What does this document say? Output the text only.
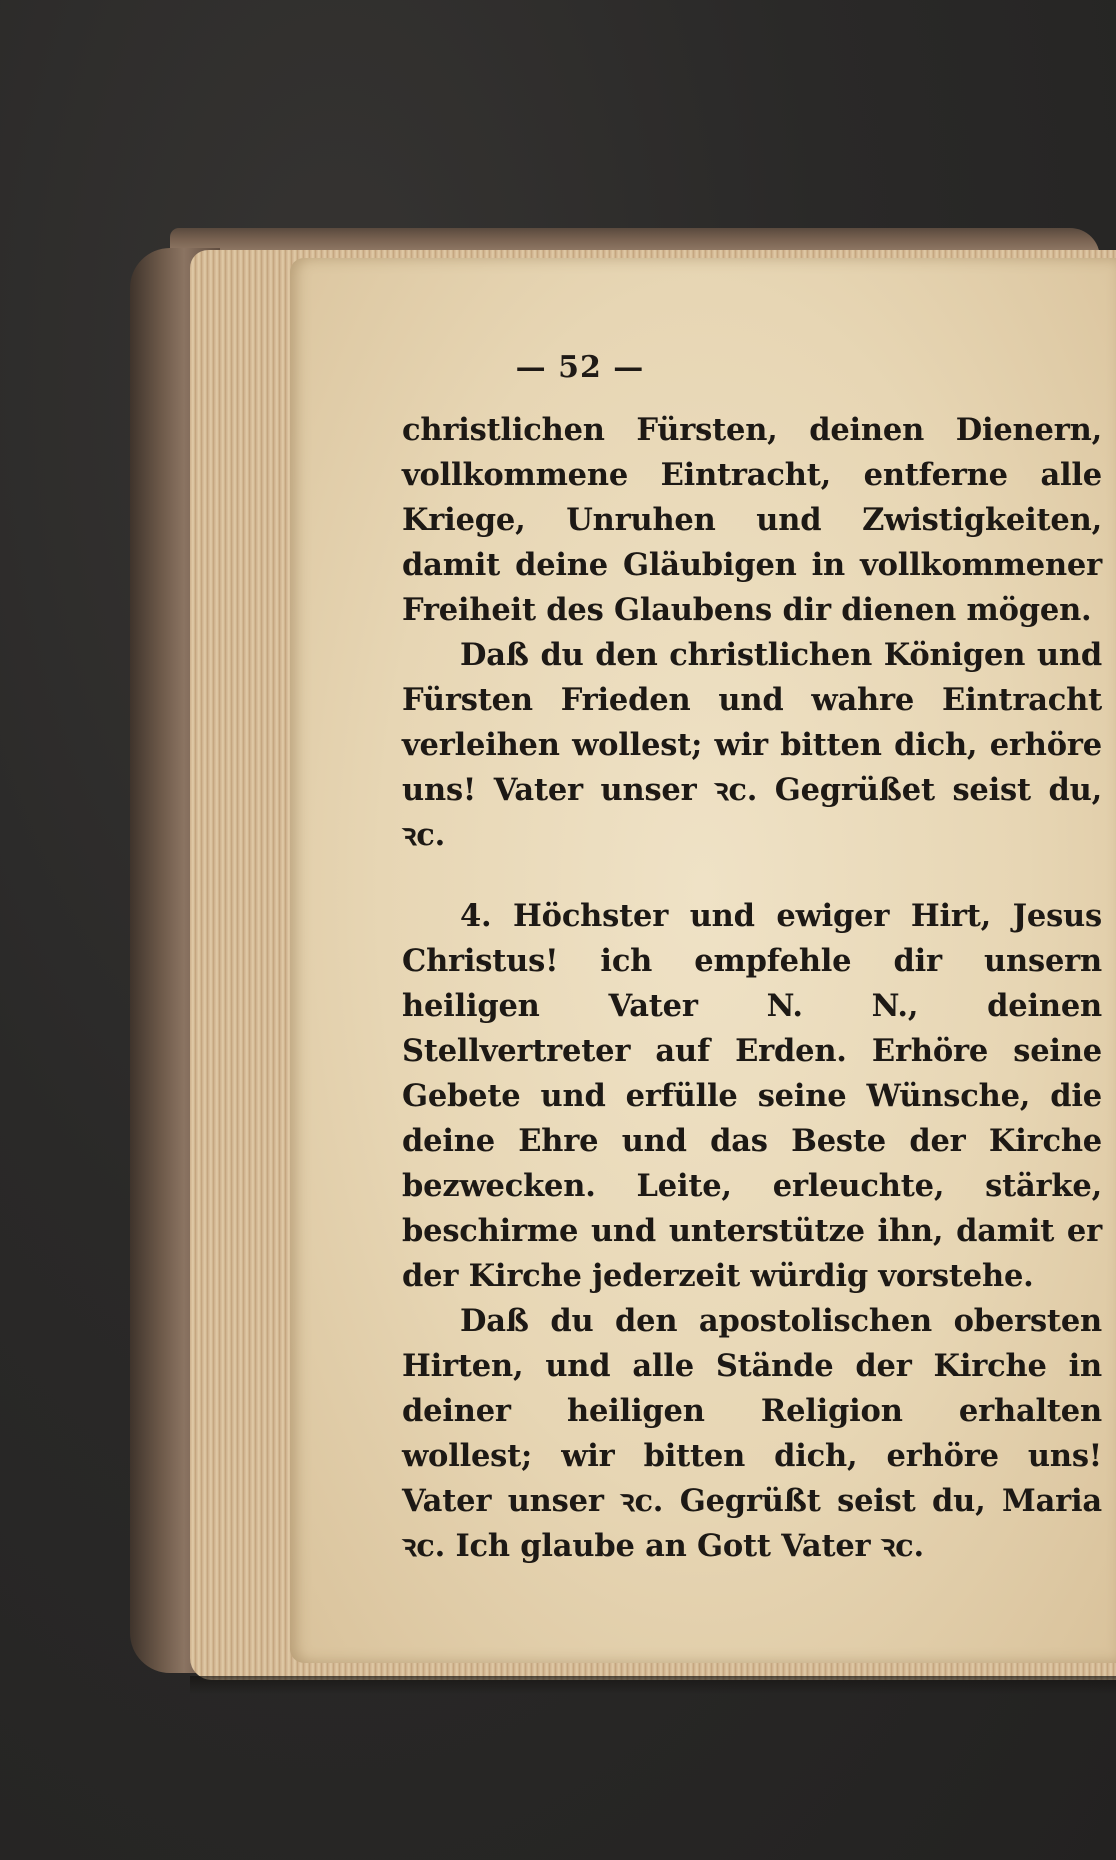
— 52 —

christlichen Fürsten, deinen Dienern, vollkommene Eintracht, entferne alle Kriege, Unruhen und Zwistigkeiten, damit deine Gläubigen in vollkommener Freiheit des Glaubens dir dienen mögen.

Daß du den christlichen Königen und Fürsten Frieden und wahre Eintracht verleihen wollest; wir bitten dich, erhöre uns! Vater unser ꝛc. Gegrüßet seist du, ꝛc.

4. Höchster und ewiger Hirt, Jesus Christus! ich empfehle dir unsern heiligen Vater N. N., deinen Stellvertreter auf Erden. Erhöre seine Gebete und erfülle seine Wünsche, die deine Ehre und das Beste der Kirche bezwecken. Leite, erleuchte, stärke, beschirme und unterstütze ihn, damit er der Kirche jederzeit würdig vorstehe.

Daß du den apostolischen obersten Hirten, und alle Stände der Kirche in deiner heiligen Religion erhalten wollest; wir bitten dich, erhöre uns! Vater unser ꝛc. Gegrüßt seist du, Maria ꝛc. Ich glaube an Gott Vater ꝛc.
